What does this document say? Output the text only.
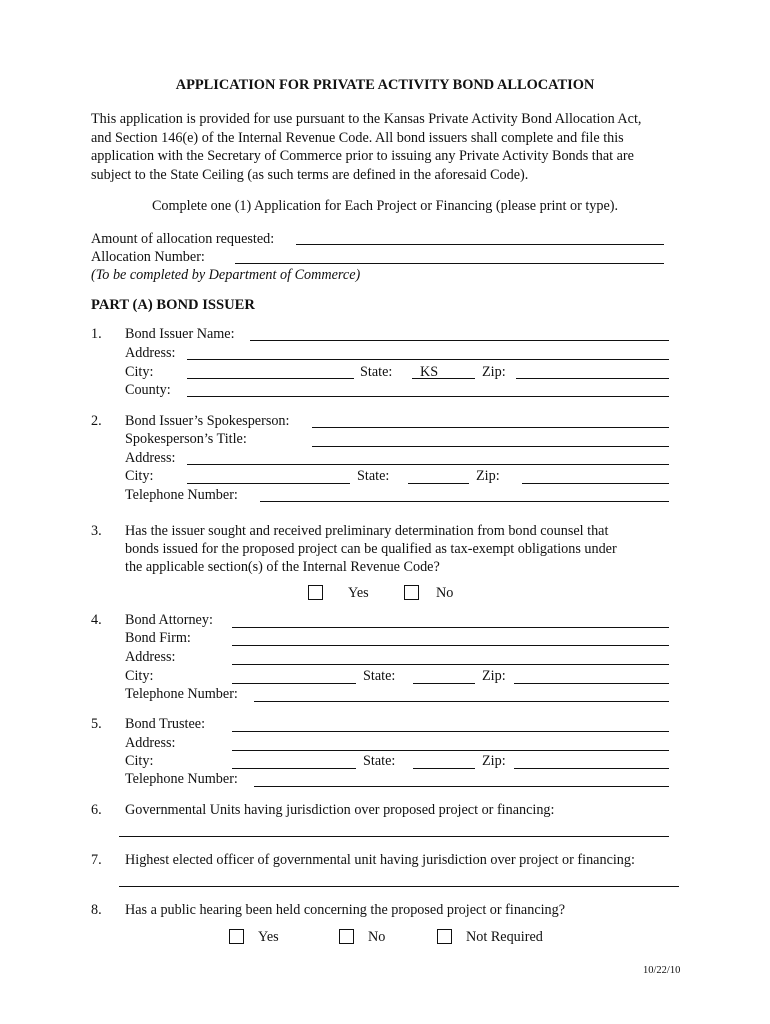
APPLICATION FOR PRIVATE ACTIVITY BOND ALLOCATION
This application is provided for use pursuant to the Kansas Private Activity Bond Allocation Act,
and Section 146(e) of the Internal Revenue Code. All bond issuers shall complete and file this
application with the Secretary of Commerce prior to issuing any Private Activity Bonds that are
subject to the State Ceiling (as such terms are defined in the aforesaid Code).
Complete one (1) Application for Each Project or Financing (please print or type).
Amount of allocation requested:
Allocation Number:
(To be completed by Department of Commerce)
PART (A) BOND ISSUER
1. Bond Issuer Name:
Address:
City:	State: KS	Zip:
County:
2. Bond Issuer’s Spokesperson:
Spokesperson’s Title:
Address:
City:	State:	Zip:
Telephone Number:
3. Has the issuer sought and received preliminary determination from bond counsel that
bonds issued for the proposed project can be qualified as tax-exempt obligations under
the applicable section(s) of the Internal Revenue Code?
Yes	No
4. Bond Attorney:
Bond Firm:
Address:
City:	State:	Zip:
Telephone Number:
5. Bond Trustee:
Address:
City:	State:	Zip:
Telephone Number:
6. Governmental Units having jurisdiction over proposed project or financing:
7. Highest elected officer of governmental unit having jurisdiction over project or financing:
8. Has a public hearing been held concerning the proposed project or financing?
Yes	No	Not Required
10/22/10
